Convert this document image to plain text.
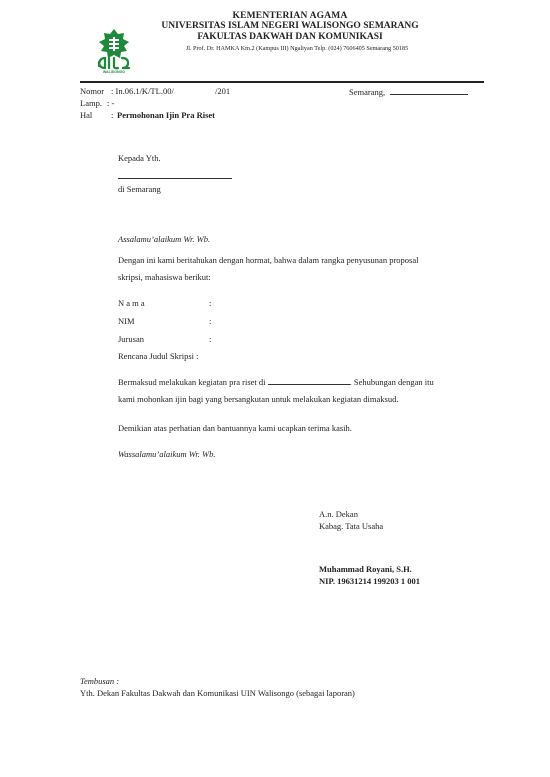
WALISONGO
KEMENTERIAN AGAMA
UNIVERSITAS ISLAM NEGERI WALISONGO SEMARANG
FAKULTAS DAKWAH DAN KOMUNIKASI
Jl. Prof. Dr. HAMKA Km.2 (Kampus III) Ngaliyan Telp. (024) 7606405 Semarang 50185
Nomor : In.06.1/K/TL.00/	/201	Semarang,
Lamp. : -
Hal : Permohonan Ijin Pra Riset
Kepada Yth.
di Semarang
Assalamu’alaikum Wr. Wb.
Dengan ini kami beritahukan dengan hormat, bahwa dalam rangka penyusunan proposal
skripsi, mahasiswa berikut:
N a m a	:
NIM	:
Jurusan	:
Rencana Judul Skripsi :
Bermaksud melakukan kegiatan pra riset di	. Sehubungan dengan itu
kami mohonkan ijin bagi yang bersangkutan untuk melakukan kegiatan dimaksud.
Demikian atas perhatian dan bantuannya kami ucapkan terima kasih.
Wassalamu’alaikum Wr. Wb.
A.n. Dekan
Kabag. Tata Usaha
Muhammad Royani, S.H.
NIP. 19631214 199203 1 001
Tembusan :
Yth. Dekan Fakultas Dakwah dan Komunikasi UIN Walisongo (sebagai laporan)
